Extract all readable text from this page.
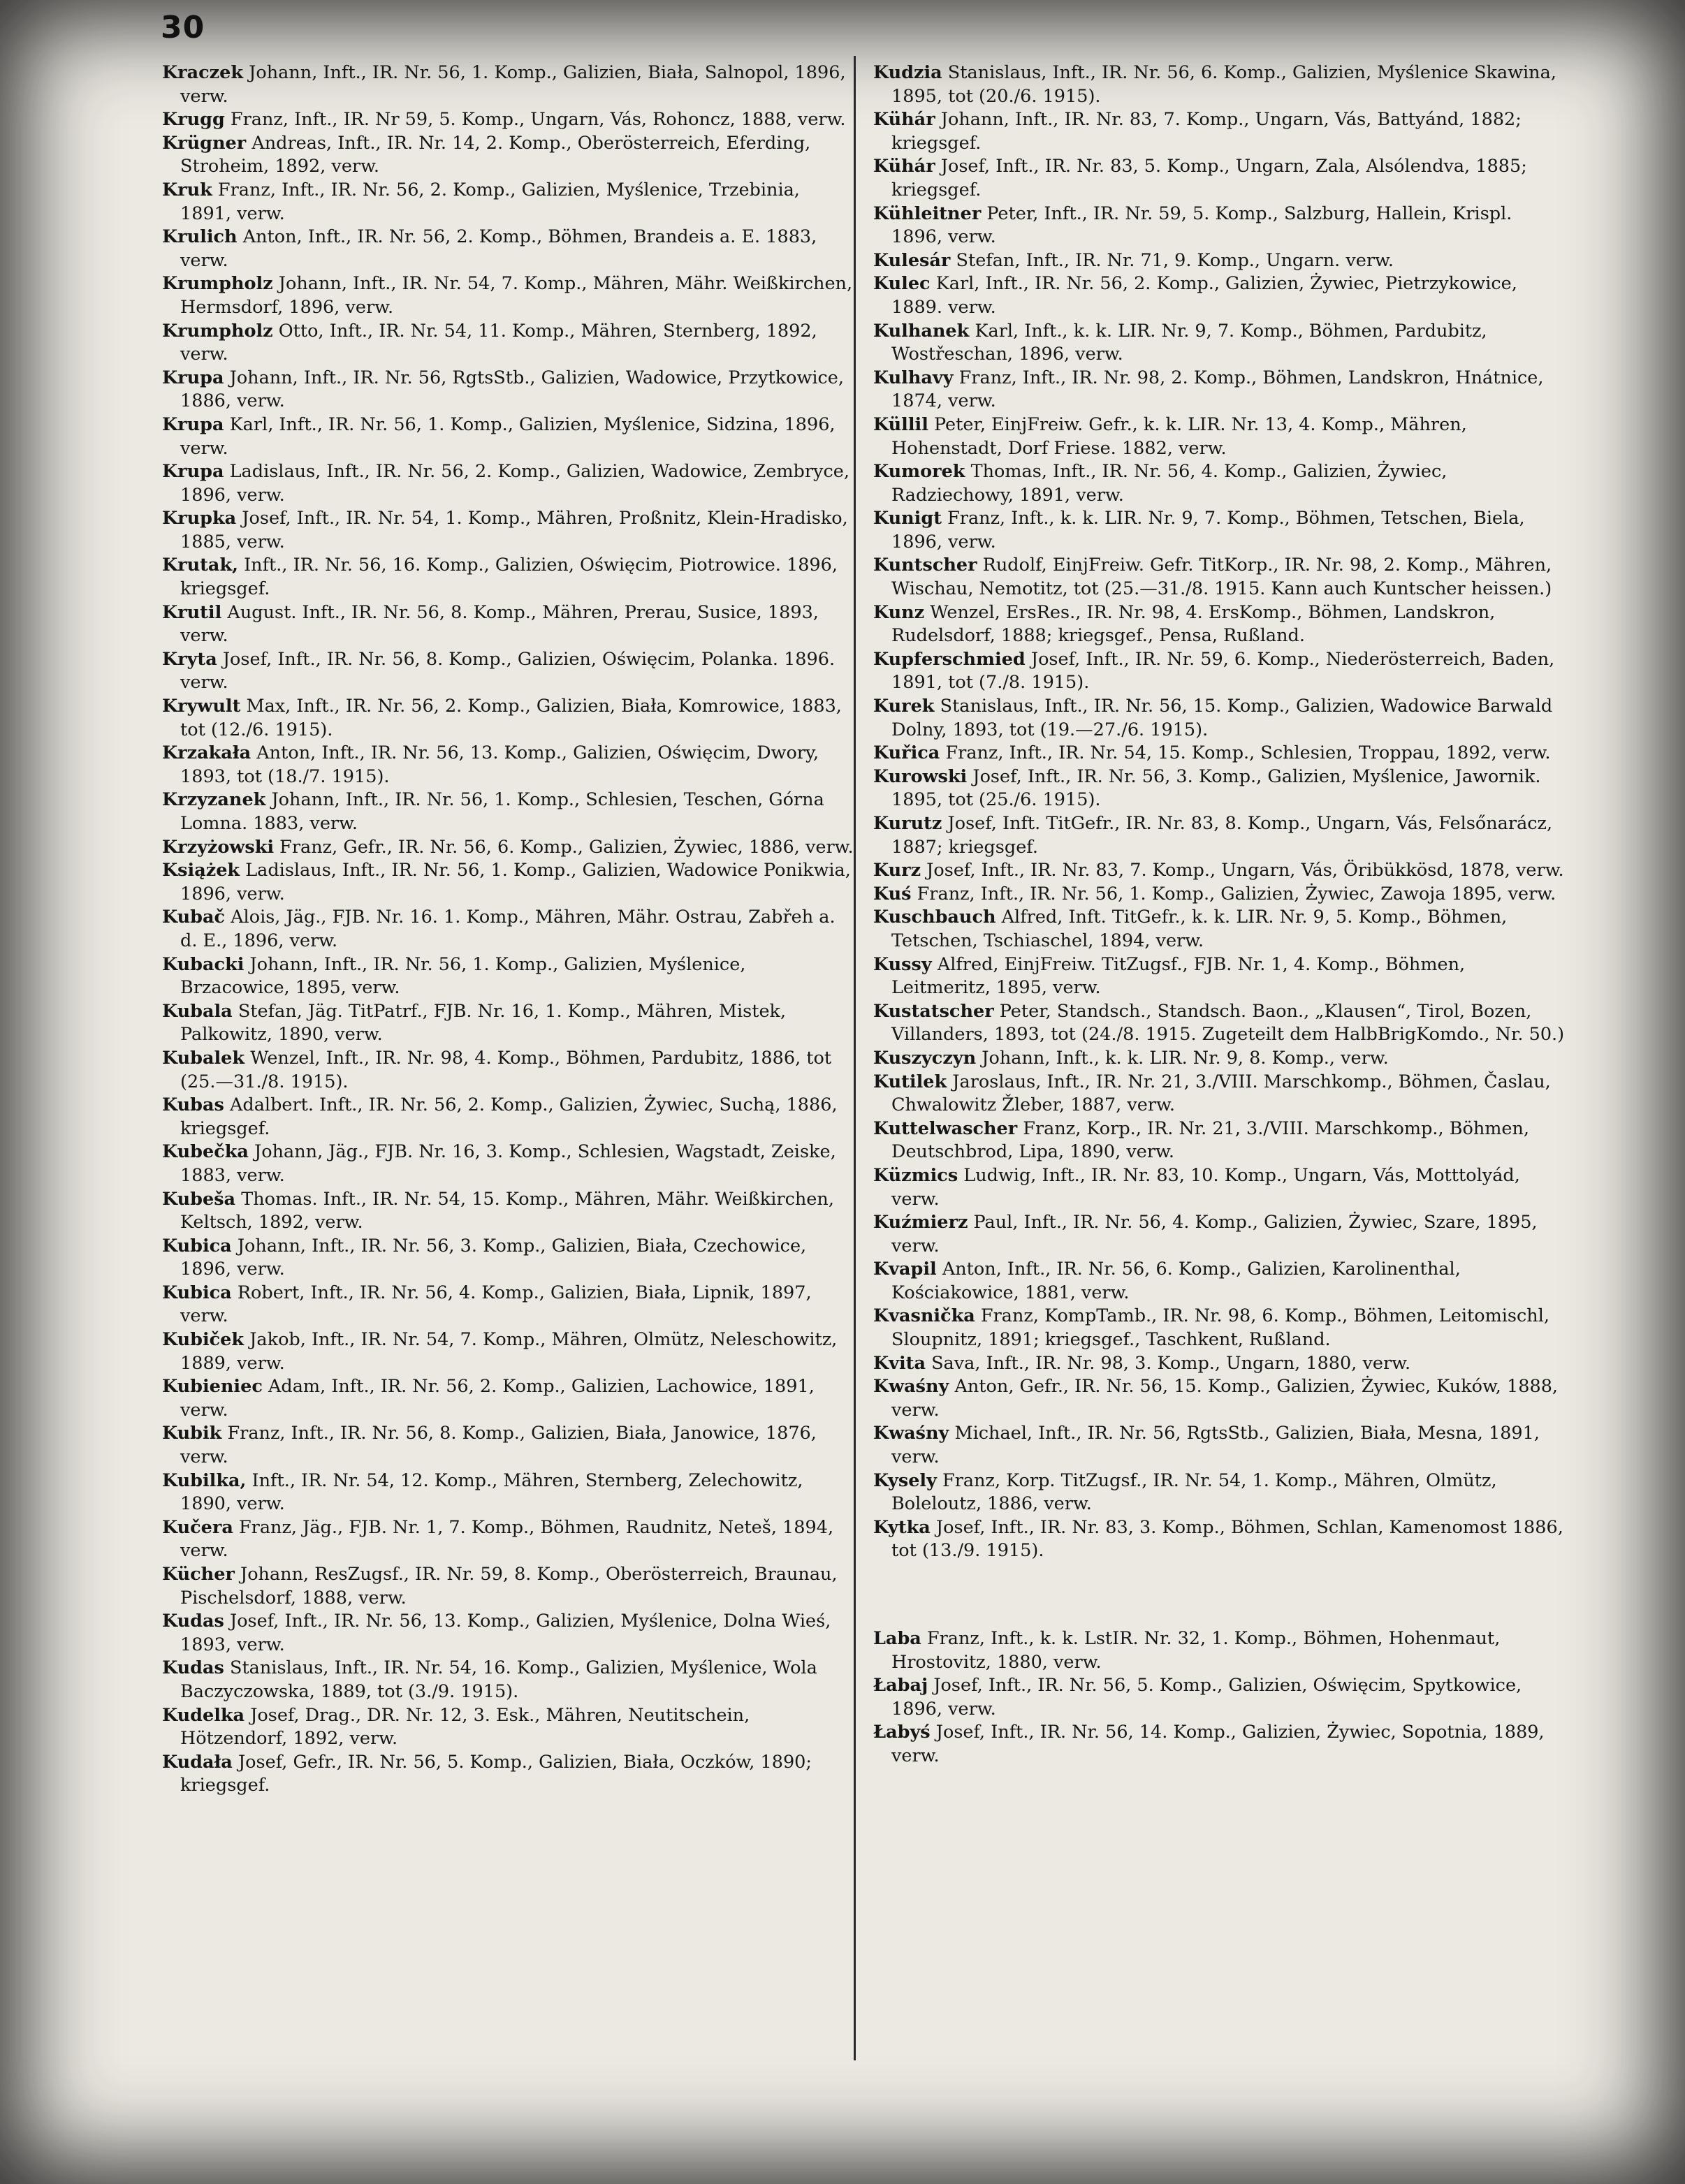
30

Kraczek Johann, Inft., IR. Nr. 56, 1. Komp., Galizien, Biała, Salnopol, 1896, verw.

Krugg Franz, Inft., IR. Nr 59, 5. Komp., Ungarn, Vás, Rohoncz, 1888, verw.

Krügner Andreas, Inft., IR. Nr. 14, 2. Komp., Oberösterreich, Eferding, Stroheim, 1892, verw.

Kruk Franz, Inft., IR. Nr. 56, 2. Komp., Galizien, Myślenice, Trzebinia, 1891, verw.

Krulich Anton, Inft., IR. Nr. 56, 2. Komp., Böhmen, Brandeis a. E. 1883, verw.

Krumpholz Johann, Inft., IR. Nr. 54, 7. Komp., Mähren, Mähr. Weißkirchen, Hermsdorf, 1896, verw.

Krumpholz Otto, Inft., IR. Nr. 54, 11. Komp., Mähren, Sternberg, 1892, verw.

Krupa Johann, Inft., IR. Nr. 56, RgtsStb., Galizien, Wadowice, Przytkowice, 1886, verw.

Krupa Karl, Inft., IR. Nr. 56, 1. Komp., Galizien, Myślenice, Sidzina, 1896, verw.

Krupa Ladislaus, Inft., IR. Nr. 56, 2. Komp., Galizien, Wadowice, Zembryce, 1896, verw.

Krupka Josef, Inft., IR. Nr. 54, 1. Komp., Mähren, Proßnitz, Klein-Hradisko, 1885, verw.

Krutak, Inft., IR. Nr. 56, 16. Komp., Galizien, Oświęcim, Piotrowice. 1896, kriegsgef.

Krutil August. Inft., IR. Nr. 56, 8. Komp., Mähren, Prerau, Susice, 1893, verw.

Kryta Josef, Inft., IR. Nr. 56, 8. Komp., Galizien, Oświęcim, Polanka. 1896. verw.

Krywult Max, Inft., IR. Nr. 56, 2. Komp., Galizien, Biała, Komrowice, 1883, tot (12./6. 1915).

Krzakała Anton, Inft., IR. Nr. 56, 13. Komp., Galizien, Oświęcim, Dwory, 1893, tot (18./7. 1915).

Krzyzanek Johann, Inft., IR. Nr. 56, 1. Komp., Schlesien, Teschen, Górna Lomna. 1883, verw.

Krzyżowski Franz, Gefr., IR. Nr. 56, 6. Komp., Galizien, Żywiec, 1886, verw.

Książek Ladislaus, Inft., IR. Nr. 56, 1. Komp., Galizien, Wadowice Ponikwia, 1896, verw.

Kubač Alois, Jäg., FJB. Nr. 16. 1. Komp., Mähren, Mähr. Ostrau, Zabřeh a. d. E., 1896, verw.

Kubacki Johann, Inft., IR. Nr. 56, 1. Komp., Galizien, Myślenice, Brzacowice, 1895, verw.

Kubala Stefan, Jäg. TitPatrf., FJB. Nr. 16, 1. Komp., Mähren, Mistek, Palkowitz, 1890, verw.

Kubalek Wenzel, Inft., IR. Nr. 98, 4. Komp., Böhmen, Pardubitz, 1886, tot (25.—31./8. 1915).

Kubas Adalbert. Inft., IR. Nr. 56, 2. Komp., Galizien, Żywiec, Suchą, 1886, kriegsgef.

Kubečka Johann, Jäg., FJB. Nr. 16, 3. Komp., Schlesien, Wagstadt, Zeiske, 1883, verw.

Kubeša Thomas. Inft., IR. Nr. 54, 15. Komp., Mähren, Mähr. Weißkirchen, Keltsch, 1892, verw.

Kubica Johann, Inft., IR. Nr. 56, 3. Komp., Galizien, Biała, Czechowice, 1896, verw.

Kubica Robert, Inft., IR. Nr. 56, 4. Komp., Galizien, Biała, Lipnik, 1897, verw.

Kubiček Jakob, Inft., IR. Nr. 54, 7. Komp., Mähren, Olmütz, Neleschowitz, 1889, verw.

Kubieniec Adam, Inft., IR. Nr. 56, 2. Komp., Galizien, Lachowice, 1891, verw.

Kubik Franz, Inft., IR. Nr. 56, 8. Komp., Galizien, Biała, Janowice, 1876, verw.

Kubilka, Inft., IR. Nr. 54, 12. Komp., Mähren, Sternberg, Zelechowitz, 1890, verw.

Kučera Franz, Jäg., FJB. Nr. 1, 7. Komp., Böhmen, Raudnitz, Neteš, 1894, verw.

Kücher Johann, ResZugsf., IR. Nr. 59, 8. Komp., Oberösterreich, Braunau, Pischelsdorf, 1888, verw.

Kudas Josef, Inft., IR. Nr. 56, 13. Komp., Galizien, Myślenice, Dolna Wieś, 1893, verw.

Kudas Stanislaus, Inft., IR. Nr. 54, 16. Komp., Galizien, Myślenice, Wola Baczyczowska, 1889, tot (3./9. 1915).

Kudelka Josef, Drag., DR. Nr. 12, 3. Esk., Mähren, Neutitschein, Hötzendorf, 1892, verw.

Kudała Josef, Gefr., IR. Nr. 56, 5. Komp., Galizien, Biała, Oczków, 1890; kriegsgef.

Kudzia Stanislaus, Inft., IR. Nr. 56, 6. Komp., Galizien, Myślenice Skawina, 1895, tot (20./6. 1915).

Kühár Johann, Inft., IR. Nr. 83, 7. Komp., Ungarn, Vás, Battyánd, 1882; kriegsgef.

Kühár Josef, Inft., IR. Nr. 83, 5. Komp., Ungarn, Zala, Alsólendva, 1885; kriegsgef.

Kühleitner Peter, Inft., IR. Nr. 59, 5. Komp., Salzburg, Hallein, Krispl. 1896, verw.

Kulesár Stefan, Inft., IR. Nr. 71, 9. Komp., Ungarn. verw.

Kulec Karl, Inft., IR. Nr. 56, 2. Komp., Galizien, Żywiec, Pietrzykowice, 1889. verw.

Kulhanek Karl, Inft., k. k. LIR. Nr. 9, 7. Komp., Böhmen, Pardubitz, Wostřeschan, 1896, verw.

Kulhavy Franz, Inft., IR. Nr. 98, 2. Komp., Böhmen, Landskron, Hnátnice, 1874, verw.

Küllil Peter, EinjFreiw. Gefr., k. k. LIR. Nr. 13, 4. Komp., Mähren, Hohenstadt, Dorf Friese. 1882, verw.

Kumorek Thomas, Inft., IR. Nr. 56, 4. Komp., Galizien, Żywiec, Radziechowy, 1891, verw.

Kunigt Franz, Inft., k. k. LIR. Nr. 9, 7. Komp., Böhmen, Tetschen, Biela, 1896, verw.

Kuntscher Rudolf, EinjFreiw. Gefr. TitKorp., IR. Nr. 98, 2. Komp., Mähren, Wischau, Nemotitz, tot (25.—31./8. 1915. Kann auch Kuntscher heissen.)

Kunz Wenzel, ErsRes., IR. Nr. 98, 4. ErsKomp., Böhmen, Landskron, Rudelsdorf, 1888; kriegsgef., Pensa, Rußland.

Kupferschmied Josef, Inft., IR. Nr. 59, 6. Komp., Niederösterreich, Baden, 1891, tot (7./8. 1915).

Kurek Stanislaus, Inft., IR. Nr. 56, 15. Komp., Galizien, Wadowice Barwald Dolny, 1893, tot (19.—27./6. 1915).

Kuřica Franz, Inft., IR. Nr. 54, 15. Komp., Schlesien, Troppau, 1892, verw.

Kurowski Josef, Inft., IR. Nr. 56, 3. Komp., Galizien, Myślenice, Jawornik. 1895, tot (25./6. 1915).

Kurutz Josef, Inft. TitGefr., IR. Nr. 83, 8. Komp., Ungarn, Vás, Felsőnarácz, 1887; kriegsgef.

Kurz Josef, Inft., IR. Nr. 83, 7. Komp., Ungarn, Vás, Öribükkösd, 1878, verw.

Kuś Franz, Inft., IR. Nr. 56, 1. Komp., Galizien, Żywiec, Zawoja 1895, verw.

Kuschbauch Alfred, Inft. TitGefr., k. k. LIR. Nr. 9, 5. Komp., Böhmen, Tetschen, Tschiaschel, 1894, verw.

Kussy Alfred, EinjFreiw. TitZugsf., FJB. Nr. 1, 4. Komp., Böhmen, Leitmeritz, 1895, verw.

Kustatscher Peter, Standsch., Standsch. Baon., „Klausen“, Tirol, Bozen, Villanders, 1893, tot (24./8. 1915. Zugeteilt dem HalbBrigKomdo., Nr. 50.)

Kuszyczyn Johann, Inft., k. k. LIR. Nr. 9, 8. Komp., verw.

Kutilek Jaroslaus, Inft., IR. Nr. 21, 3./VIII. Marschkomp., Böhmen, Časlau, Chwalowitz Žleber, 1887, verw.

Kuttelwascher Franz, Korp., IR. Nr. 21, 3./VIII. Marschkomp., Böhmen, Deutschbrod, Lipa, 1890, verw.

Küzmics Ludwig, Inft., IR. Nr. 83, 10. Komp., Ungarn, Vás, Motttolyád, verw.

Kuźmierz Paul, Inft., IR. Nr. 56, 4. Komp., Galizien, Żywiec, Szare, 1895, verw.

Kvapil Anton, Inft., IR. Nr. 56, 6. Komp., Galizien, Karolinenthal, Kościakowice, 1881, verw.

Kvasnička Franz, KompTamb., IR. Nr. 98, 6. Komp., Böhmen, Leitomischl, Sloupnitz, 1891; kriegsgef., Taschkent, Rußland.

Kvita Sava, Inft., IR. Nr. 98, 3. Komp., Ungarn, 1880, verw.

Kwaśny Anton, Gefr., IR. Nr. 56, 15. Komp., Galizien, Żywiec, Kuków, 1888, verw.

Kwaśny Michael, Inft., IR. Nr. 56, RgtsStb., Galizien, Biała, Mesna, 1891, verw.

Kysely Franz, Korp. TitZugsf., IR. Nr. 54, 1. Komp., Mähren, Olmütz, Boleloutz, 1886, verw.

Kytka Josef, Inft., IR. Nr. 83, 3. Komp., Böhmen, Schlan, Kamenomost 1886, tot (13./9. 1915).

Laba Franz, Inft., k. k. LstIR. Nr. 32, 1. Komp., Böhmen, Hohenmaut, Hrostovitz, 1880, verw.

Łabaj Josef, Inft., IR. Nr. 56, 5. Komp., Galizien, Oświęcim, Spytkowice, 1896, verw.

Łabyś Josef, Inft., IR. Nr. 56, 14. Komp., Galizien, Żywiec, Sopotnia, 1889, verw.
